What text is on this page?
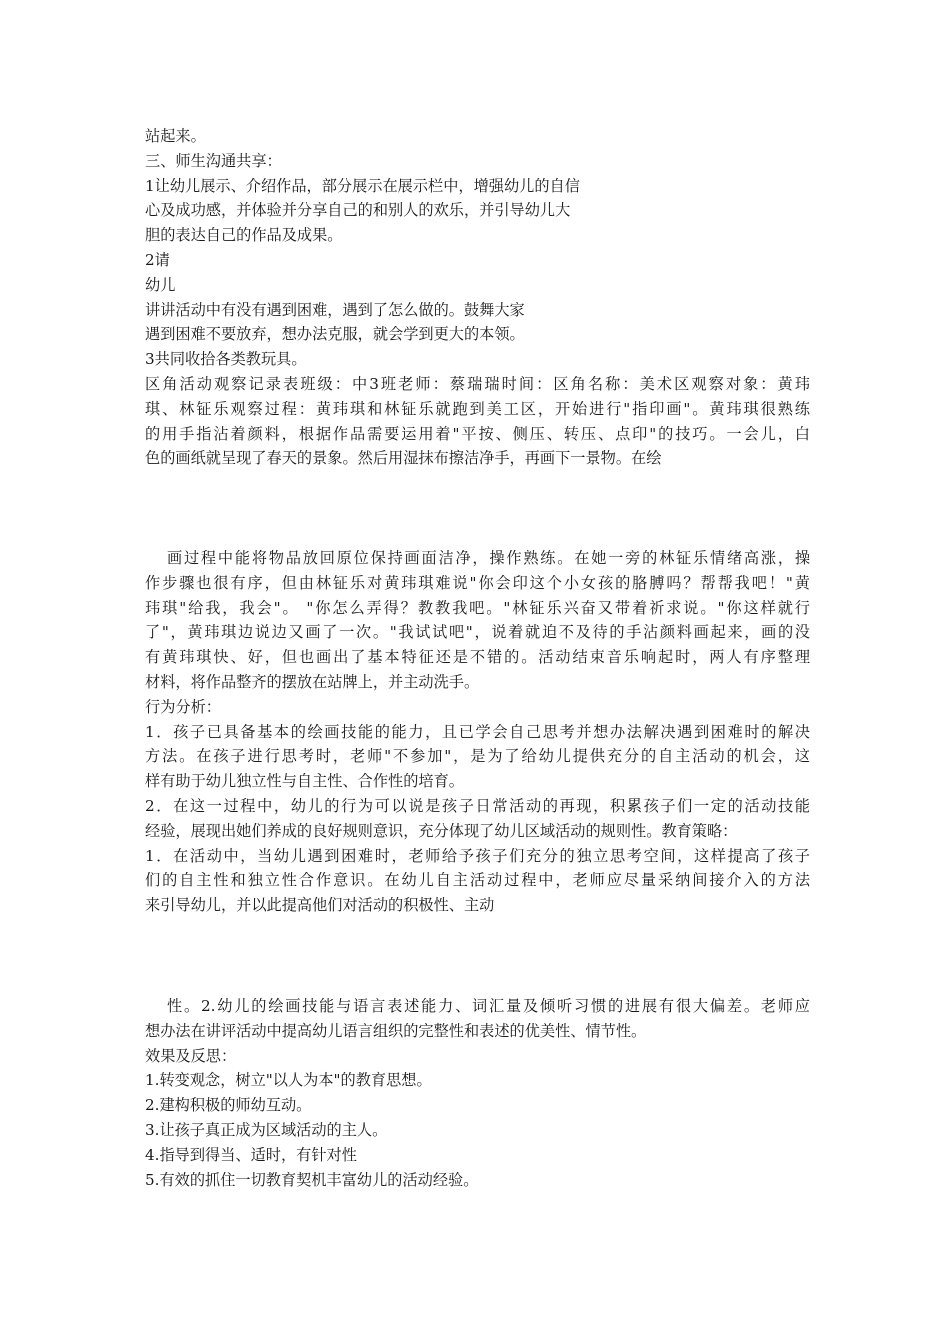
站起来。
三、师生沟通共享：
1让幼儿展示、介绍作品，部分展示在展示栏中，增强幼儿的自信
心及成功感，并体验并分享自己的和别人的欢乐，并引导幼儿大
胆的表达自己的作品及成果。
2请
幼儿
讲讲活动中有没有遇到困难，遇到了怎么做的。鼓舞大家
遇到困难不要放弃，想办法克服，就会学到更大的本领。
3共同收拾各类教玩具。
区角活动观察记录表班级：中3班老师：蔡瑞瑞时间：区角名称：美术区观察对象：黄玮
琪、林钲乐观察过程：黄玮琪和林钲乐就跑到美工区，开始进行"指印画"。黄玮琪很熟练
的用手指沾着颜料，根据作品需要运用着"平按、侧压、转压、点印"的技巧。一会儿，白
色的画纸就呈现了春天的景象。然后用湿抹布擦洁净手，再画下一景物。在绘
画过程中能将物品放回原位保持画面洁净，操作熟练。在她一旁的林钲乐情绪高涨，操
作步骤也很有序，但由林钲乐对黄玮琪难说"你会印这个小女孩的胳膊吗？帮帮我吧！"黄
玮琪"给我，我会"。 "你怎么弄得？教教我吧。"林钲乐兴奋又带着祈求说。"你这样就行
了"，黄玮琪边说边又画了一次。"我试试吧"，说着就迫不及待的手沾颜料画起来，画的没
有黄玮琪快、好，但也画出了基本特征还是不错的。活动结束音乐响起时，两人有序整理
材料，将作品整齐的摆放在站牌上，并主动洗手。
行为分析：
1．孩子已具备基本的绘画技能的能力，且已学会自己思考并想办法解决遇到困难时的解决
方法。在孩子进行思考时，老师"不参加"，是为了给幼儿提供充分的自主活动的机会，这
样有助于幼儿独立性与自主性、合作性的培育。
2．在这一过程中，幼儿的行为可以说是孩子日常活动的再现，积累孩子们一定的活动技能
经验，展现出她们养成的良好规则意识，充分体现了幼儿区域活动的规则性。教育策略：
1．在活动中，当幼儿遇到困难时，老师给予孩子们充分的独立思考空间，这样提高了孩子
们的自主性和独立性合作意识。在幼儿自主活动过程中，老师应尽量采纳间接介入的方法
来引导幼儿，并以此提高他们对活动的积极性、主动
性。2.幼儿的绘画技能与语言表述能力、词汇量及倾听习惯的进展有很大偏差。老师应
想办法在讲评活动中提高幼儿语言组织的完整性和表述的优美性、情节性。
效果及反思：
1.转变观念，树立"以人为本"的教育思想。
2.建构积极的师幼互动。
3.让孩子真正成为区域活动的主人。
4.指导到得当、适时，有针对性
5.有效的抓住一切教育契机丰富幼儿的活动经验。
